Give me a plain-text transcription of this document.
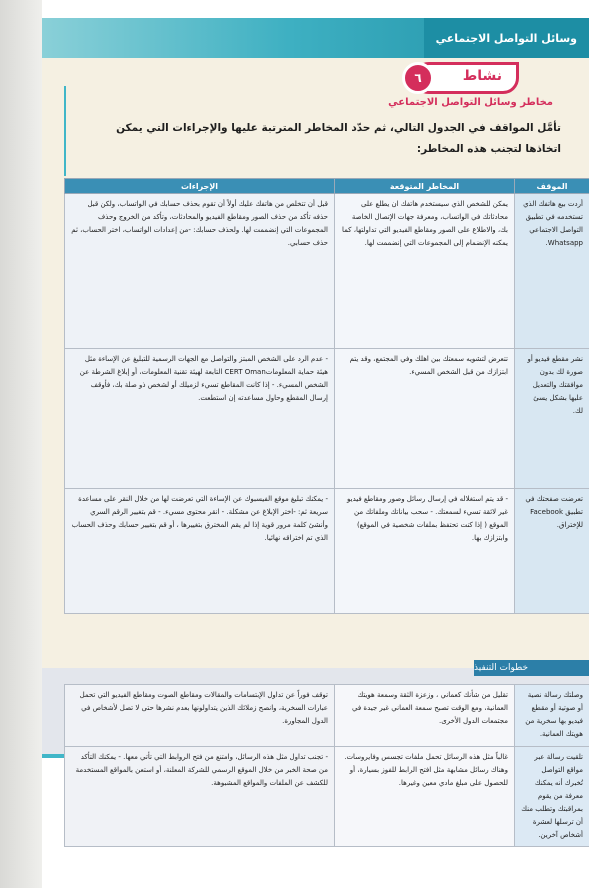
وسائل التواصل الاجتماعي
نشاط
٦
مخاطر وسائل التواصل الاجتماعي
تأمَّل المواقف في الجدول التالي، ثم حدّد المخاطر المترتبة عليها والإجراءات التي يمكن اتخاذها لتجنب هذه المخاطر:
الموقف	المخاطر المتوقعة	الإجراءات
أردت بيع هاتفك الذي تستخدمه في تطبيق التواصل الاجتماعي Whatsapp.	يمكن للشخص الذي سيستخدم هاتفك ان يطلع على محادثاتك في الواتساب، ومعرفة جهات الإتصال الخاصة بك، والاطلاع على الصور ومقاطع الفيديو التي تداولتها، كما يمكنه الإنضمام إلى المجموعات التي إنضممت لها.	قبل أن تتخلص من هاتفك عليك أولاً أن تقوم بحذف حسابك في الواتساب، ولكن قبل حذفه تأكد من حذف الصور ومقاطع الفيديو والمحادثات، وتأكد من الخروج وحذف المجموعات التي إنضممت لها. ولحذف حسابك: -من إعدادات الواتساب، اختر الحساب، ثم حذف حسابي.
نشر مقطع فيديو أو صورة لك بدون موافقتك والتعديل عليها بشكل يسئ لك.	تتعرض لتشويه سمعتك بين اهلك وفي المجتمع، وقد يتم ابتزازك من قبل الشخص المسيء.	- عدم الرد على الشخص المبتز والتواصل مع الجهات الرسمية للتبليغ عن الإساءة مثل هيئة حماية المعلوماتCERT Oman التابعة لهيئة تقنية المعلومات، أو إبلاغ الشرطة عن الشخص المسيء. - إذا كانت المقاطع تسيء لزميلك أو لشخص ذو صلة بك، فأوقف إرسال المقطع وحاول مساعدته إن استطعت.
تعرضت صفحتك في تطبيق Facebook للإختراق.	- قد يتم استغلاله في إرسال رسائل وصور ومقاطع فيديو غير لائقة تسيء لسمعتك. - سحب بياناتك وملفاتك من الموقع ( إذا كنت تحتفظ بملفات شخصية في الموقع) وابتزازك بها.	- يمكنك تبليغ موقع الفيسبوك عن الإساءة التي تعرضت لها من خلال النقر على مساعدة سريعة ثم: -اختر الإبلاغ عن مشكلة. - انقر محتوى مسيء. - قم بتغيير الرقم السري وأنشئ كلمة مرور قوية إذا لم يقم المخترق بتغييرها ، أو قم بتغيير حسابك وحذف الحساب الذي تم اختراقه نهائيا.
خطوات التنفيذ
وصلتك رسالة نصية أو صوتية أو مقطع فيديو بها سخرية من هويتك العمانية.	تقليل من شأنك كعماني ، وزعزة الثقة وسمعة هويتك العمانية، ومع الوقت تصبح سمعة العماني غير جيدة في مجتمعات الدول الأخرى.	توقف فوراً عن تداول الإبتسامات والمقالات ومقاطع الصوت ومقاطع الفيديو التي تحمل عبارات السخرية، وانصح زملائك الذين يتداولونها بعدم نشرها حتى لا تصل لأشخاص في الدول المجاورة.
تلقيت رسالة عبر مواقع التواصل تُخبرك أنه يمكنك معرفة من يقوم بمراقبتك وتطلب منك أن ترسلها لعشرة أشخاص آخرين.	غالباً مثل هذه الرسائل تحمل ملفات تجسس وفايروسات. وهناك رسائل مشابهة مثل افتح الرابط للفوز بسيارة، أو للحصول على مبلغ مادي معين وغيرها.	- تجنب تداول مثل هذه الرسائل، وامتنع من فتح الروابط التي تأتي معها. - يمكنك التأكد من صحة الخبر من خلال الموقع الرسمي للشركة المعلنة، أو استعن بالمواقع المستخدمة للكشف عن الملفات والمواقع المشبوهة.
